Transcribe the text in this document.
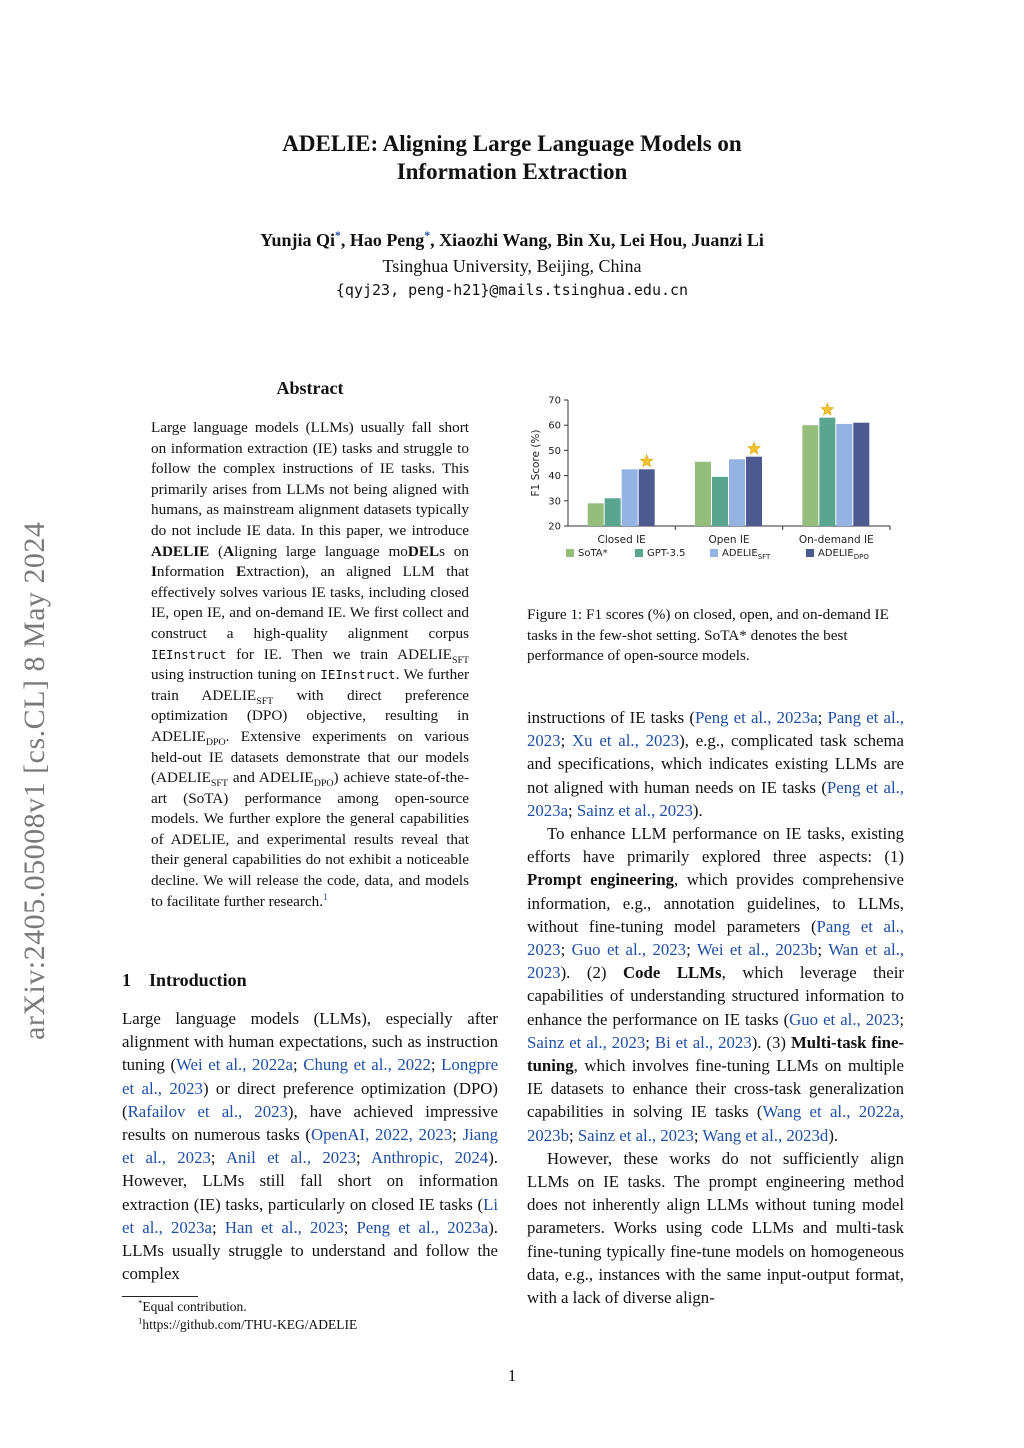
ADELIE: Aligning Large Language Models on
Information Extraction
Yunjia Qi*, Hao Peng*, Xiaozhi Wang, Bin Xu, Lei Hou, Juanzi Li
Tsinghua University, Beijing, China
{qyj23, peng-h21}@mails.tsinghua.edu.cn
arXiv:2405.05008v1 [cs.CL] 8 May 2024
Abstract
Large language models (LLMs) usually fall short on information extraction (IE) tasks and struggle to follow the complex instructions of IE tasks. This primarily arises from LLMs not being aligned with humans, as mainstream alignment datasets typically do not include IE data. In this paper, we introduce ADELIE (Aligning large language moDELs on Information Extraction), an aligned LLM that effectively solves various IE tasks, including closed IE, open IE, and on-demand IE. We first collect and construct a high-quality alignment corpus IEInstruct for IE. Then we train $ADELIE_{SFT}$ using instruction tuning on IEInstruct. We further train $ADELIE_{SFT}$ with direct preference optimization (DPO) objective, resulting in $ADELIE_{DPO}$. Extensive experiments on various held-out IE datasets demonstrate that our models ($ADELIE_{SFT}$ and $ADELIE_{DPO}$) achieve state-of-the-art (SoTA) performance among open-source models. We further explore the general capabilities of ADELIE, and experimental results reveal that their general capabilities do not exhibit a noticeable decline. We will release the code, data, and models to facilitate further research.$^1$
1 Introduction
Large language models (LLMs), especially after alignment with human expectations, such as instruction tuning (Wei et al., 2022a; Chung et al., 2022; Longpre et al., 2023) or direct preference optimization (DPO) (Rafailov et al., 2023), have achieved impressive results on numerous tasks (OpenAI, 2022, 2023; Jiang et al., 2023; Anil et al., 2023; Anthropic, 2024). However, LLMs still fall short on information extraction (IE) tasks, particularly on closed IE tasks (Li et al., 2023a; Han et al., 2023; Peng et al., 2023a). LLMs usually struggle to understand and follow the complex
*Equal contribution.
$^1$https://github.com/THU-KEG/ADELIE
20
30
40
50
60
70
F1 Score (%)
Closed IE	Open IE	On-demand IE
SoTA*	GPT-3.5	$ADELIE_{SFT}$	$ADELIE_{DPO}$
Figure 1: F1 scores (%) on closed, open, and on-demand IE tasks in the few-shot setting. SoTA* denotes the best performance of open-source models.

instructions of IE tasks (Peng et al., 2023a; Pang et al., 2023; Xu et al., 2023), e.g., complicated task schema and specifications, which indicates existing LLMs are not aligned with human needs on IE tasks (Peng et al., 2023a; Sainz et al., 2023).

To enhance LLM performance on IE tasks, existing efforts have primarily explored three aspects: (1) Prompt engineering, which provides comprehensive information, e.g., annotation guidelines, to LLMs, without fine-tuning model parameters (Pang et al., 2023; Guo et al., 2023; Wei et al., 2023b; Wan et al., 2023). (2) Code LLMs, which leverage their capabilities of understanding structured information to enhance the performance on IE tasks (Guo et al., 2023; Sainz et al., 2023; Bi et al., 2023). (3) Multi-task fine-tuning, which involves fine-tuning LLMs on multiple IE datasets to enhance their cross-task generalization capabilities in solving IE tasks (Wang et al., 2022a, 2023b; Sainz et al., 2023; Wang et al., 2023d).

However, these works do not sufficiently align LLMs on IE tasks. The prompt engineering method does not inherently align LLMs without tuning model parameters. Works using code LLMs and multi-task fine-tuning typically fine-tune models on homogeneous data, e.g., instances with the same input-output format, with a lack of diverse align-

1
